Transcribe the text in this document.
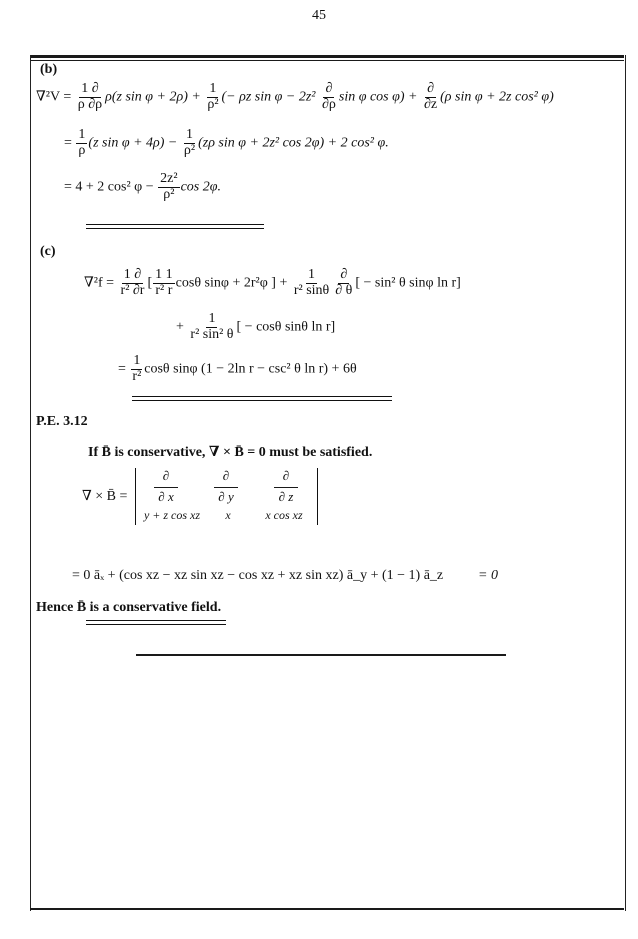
45
(b)
$\nabla^2V = \frac{1 \partial}{\rho \partial\rho} \rho(z$ $\sin \varphi + 2\rho) + \frac{1}{\text{ρ²}}$ (− ρz $\sin \varphi - 2z^2 \frac{\partial}{\partial\rho}$ sin φ $\cos \varphi) + \frac{\partial}{\partial z} (\rho$ sin φ + 2z cos² φ)
= $\frac{1}{\rho} (z$ $\sin \varphi + 4\rho) - \frac{1}{\text{ρ²}} (z\rho$ sin φ + 2z² cos 2φ) + 2 cos² φ.
= 4 + 2 cos² $\varphi - \frac{\text{2z²}}{\text{ρ²}}$ cos 2φ.
(c)
$\nabla^2f = \frac{1 \partial}{\text{r² ∂r}}$ [ $\frac{1 1}{\text{r² r}}$ cosθ sinφ + 2r²φ ] + $\frac{1}{\text{r² sinθ}} \frac{\partial}{\partial \theta}$ [ − sin² θ sinφ ln r]
+ $\frac{1}{\text{r² sin² θ}}$ [ − cosθ sinθ ln r]
= $\frac{1}{\text{r²}}$ cosθ sinφ (1 − 2ln r − csc² θ ln r) + 6θ
P.E. 3.12
If B̄ is conservative, ∇ × B̄ = 0 must be satisfied.
∇ × B̄ =
∂	∂	∂
∂ x	∂ y	∂ z
y + z cos xz	x	x cos xz
= 0 āₓ + (cos xz − xz sin xz − cos xz + xz sin xz) ā_y + (1 − 1) ā_z = 0
Hence B̄ is a conservative field.
